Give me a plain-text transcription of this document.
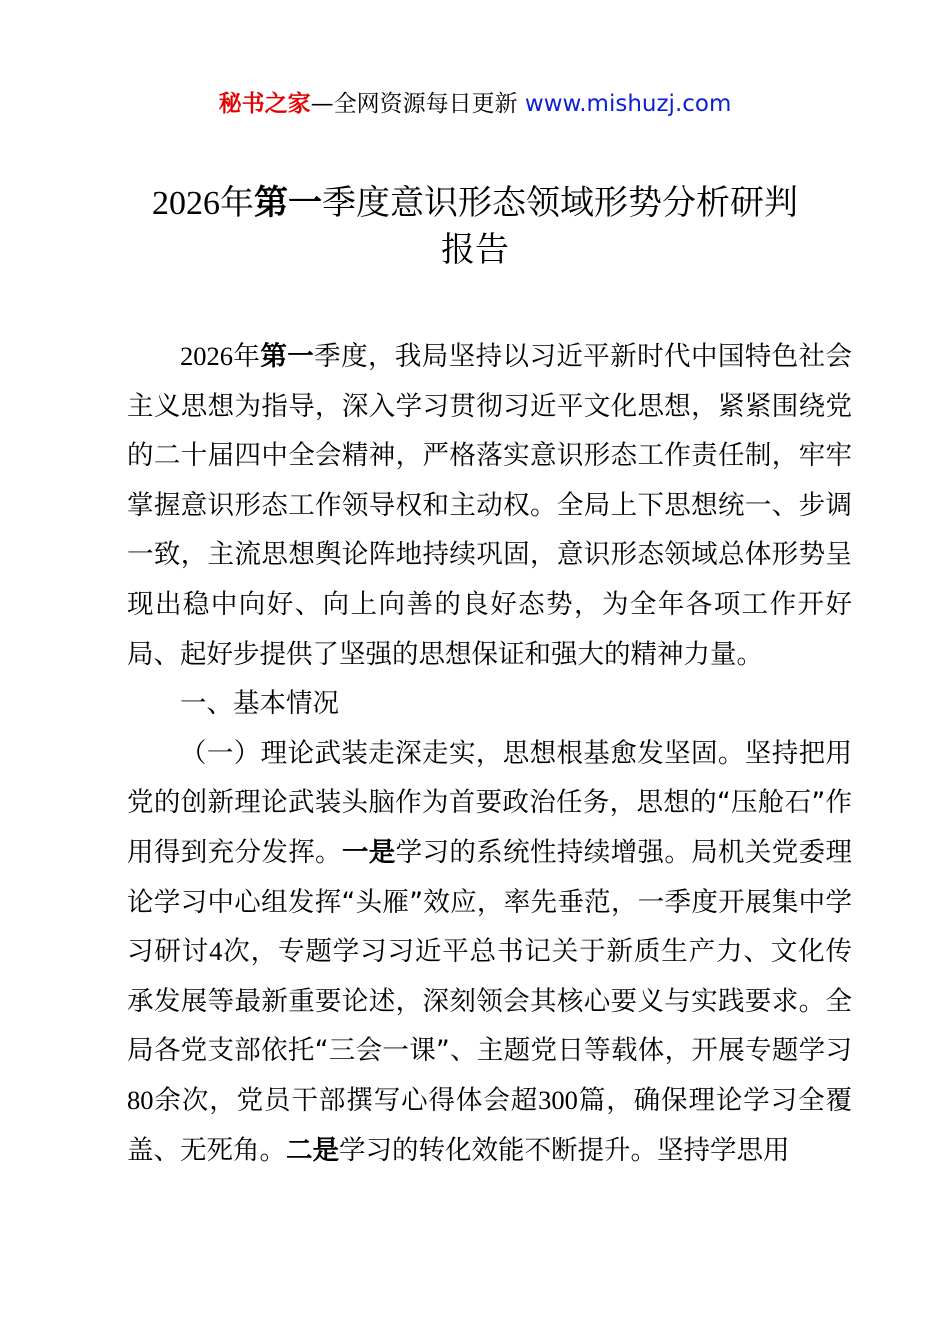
秘书之家—全网资源每日更新 www.mishuzj.com
2026年第一季度意识形态领域形势分析研判
报告

2026年第一季度，我局坚持以习近平新时代中国特色社会主义思想为指导，深入学习贯彻习近平文化思想，紧紧围绕党的二十届四中全会精神，严格落实意识形态工作责任制，牢牢掌握意识形态工作领导权和主动权。全局上下思想统一、步调一致，主流思想舆论阵地持续巩固，意识形态领域总体形势呈现出稳中向好、向上向善的良好态势，为全年各项工作开好局、起好步提供了坚强的思想保证和强大的精神力量。

一、基本情况

（一）理论武装走深走实，思想根基愈发坚固。坚持把用党的创新理论武装头脑作为首要政治任务，思想的“压舱石”作用得到充分发挥。一是学习的系统性持续增强。局机关党委理论学习中心组发挥“头雁”效应，率先垂范，一季度开展集中学习研讨4次，专题学习习近平总书记关于新质生产力、文化传承发展等最新重要论述，深刻领会其核心要义与实践要求。全局各党支部依托“三会一课”、主题党日等载体，开展专题学习80余次，党员干部撰写心得体会超300篇，确保理论学习全覆盖、无死角。二是学习的转化效能不断提升。坚持学思用
